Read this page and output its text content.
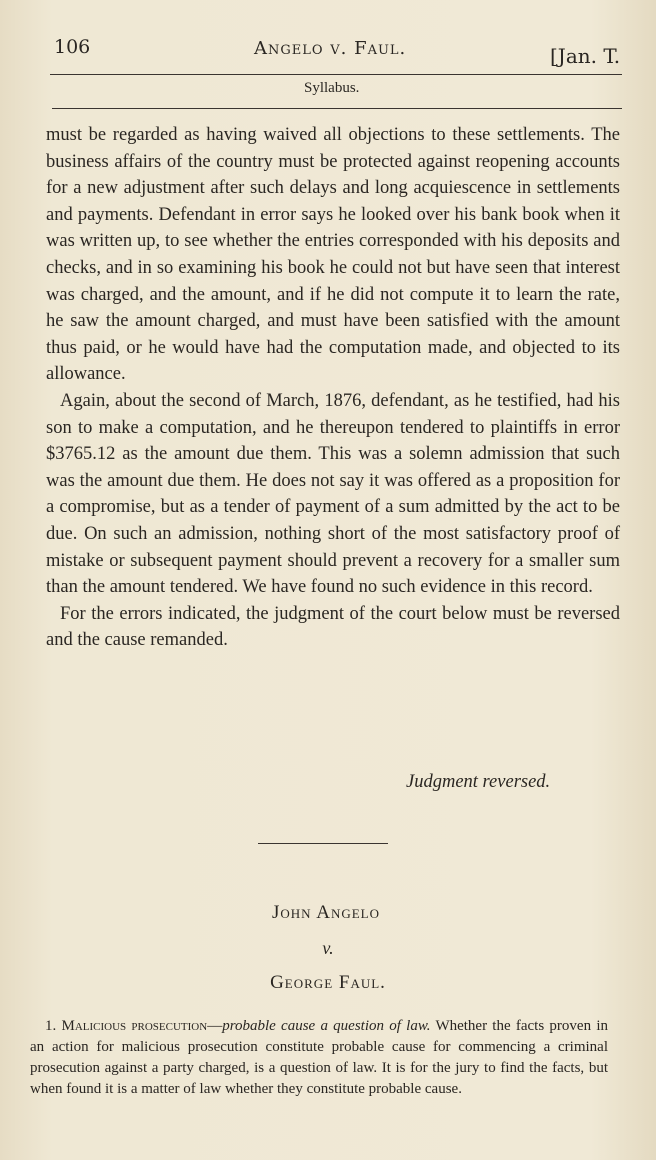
106	Angelo v. Faul.	[Jan. T.
Syllabus.

must be regarded as having waived all objections to these settlements. The business affairs of the country must be protected against reopening accounts for a new adjustment after such delays and long acquiescence in settlements and payments. Defendant in error says he looked over his bank book when it was written up, to see whether the entries corresponded with his deposits and checks, and in so examining his book he could not but have seen that interest was charged, and the amount, and if he did not compute it to learn the rate, he saw the amount charged, and must have been satisfied with the amount thus paid, or he would have had the computation made, and objected to its allowance.

Again, about the second of March, 1876, defendant, as he testified, had his son to make a computation, and he thereupon tendered to plaintiffs in error $3765.12 as the amount due them. This was a solemn admission that such was the amount due them. He does not say it was offered as a proposition for a compromise, but as a tender of payment of a sum admitted by the act to be due. On such an admission, nothing short of the most satisfactory proof of mistake or subsequent payment should prevent a recovery for a smaller sum than the amount tendered. We have found no such evidence in this record.

For the errors indicated, the judgment of the court below must be reversed and the cause remanded.

Judgment reversed.
John Angelo
v.
George Faul.
 1. Malicious prosecution—probable cause a question of law. Whether the facts proven in an action for malicious prosecution constitute probable cause for commencing a criminal prosecution against a party charged, is a question of law. It is for the jury to find the facts, but when found it is a matter of law whether they constitute probable cause.
